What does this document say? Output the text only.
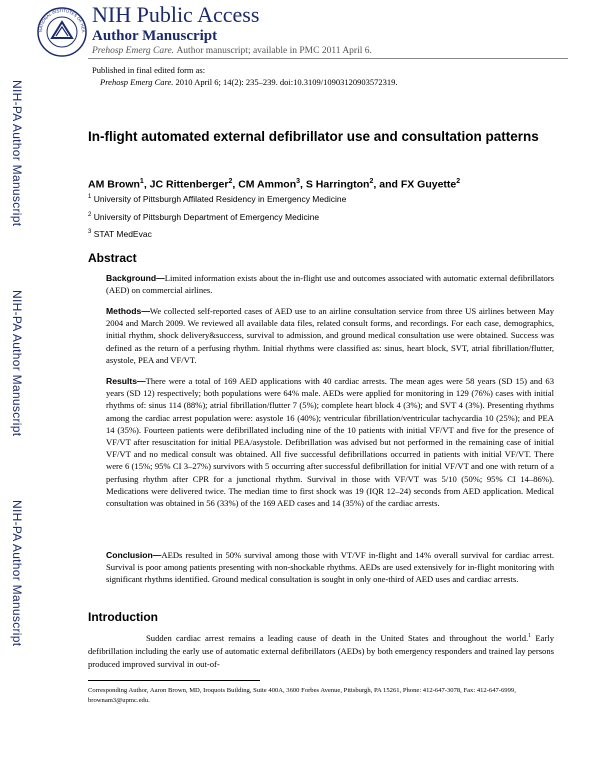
NATIONAL INSTITUTES OF HEA
NIH Public Access
Author Manuscript
Prehosp Emerg Care. Author manuscript; available in PMC 2011 April 6.
Published in final edited form as:
Prehosp Emerg Care. 2010 April 6; 14(2): 235–239. doi:10.3109/10903120903572319.
NIH-PA Author Manuscript
NIH-PA Author Manuscript
NIH-PA Author Manuscript
In-flight automated external defibrillator use and consultation patterns
AM Brown$^1$, JC Rittenberger$^2$, CM Ammon$^3$, S Harrington$^2$, and FX Guyette$^2$
$^1$ University of Pittsburgh Affilated Residency in Emergency Medicine
$^2$ University of Pittsburgh Department of Emergency Medicine
$^3$ STAT MedEvac
Abstract
Background—Limited information exists about the in-flight use and outcomes associated with automatic external defibrillators (AED) on commercial airlines.
Methods—We collected self-reported cases of AED use to an airline consultation service from three US airlines between May 2004 and March 2009. We reviewed all available data files, related consult forms, and recordings. For each case, demographics, initial rhythm, shock delivery&success, survival to admission, and ground medical consultation use were obtained. Success was defined as the return of a perfusing rhythm. Initial rhythms were classified as: sinus, heart block, SVT, atrial fibrillation/flutter, asystole, PEA and VF/VT.
Results—There were a total of 169 AED applications with 40 cardiac arrests. The mean ages were 58 years (SD 15) and 63 years (SD 12) respectively; both populations were 64% male. AEDs were applied for monitoring in 129 (76%) cases with initial rhythms of: sinus 114 (88%); atrial fibrillation/flutter 7 (5%); complete heart block 4 (3%); and SVT 4 (3%). Presenting rhythms among the cardiac arrest population were: asystole 16 (40%); ventricular fibrillation/ventricular tachycardia 10 (25%); and PEA 14 (35%). Fourteen patients were defibrillated including nine of the 10 patients with initial VF/VT and five for the presence of VF/VT after resuscitation for initial PEA/asystole. Defibrillation was advised but not performed in the remaining case of initial VF/VT and no medical consult was obtained. All five successful defibrillations occurred in patients with initial VF/VT. There were 6 (15%; 95% CI 3–27%) survivors with 5 occurring after successful defibrillation for initial VF/VT and one with return of a perfusing rhythm after CPR for a junctional rhythm. Survival in those with VF/VT was 5/10 (50%; 95% CI 14–86%). Medications were delivered twice. The median time to first shock was 19 (IQR 12–24) seconds from AED application. Medical consultation was obtained in 56 (33%) of the 169 AED cases and 14 (35%) of the cardiac arrests.
Conclusion—AEDs resulted in 50% survival among those with VT/VF in-flight and 14% overall survival for cardiac arrest. Survival is poor among patients presenting with non-shockable rhythms. AEDs are used extensively for in-flight monitoring with significant rhythms identified. Ground medical consultation is sought in only one-third of AED uses and cardiac arrests.
Introduction
Sudden cardiac arrest remains a leading cause of death in the United States and throughout the world.$^1$ Early defibrillation including the early use of automatic external defibrillators (AEDs) by both emergency responders and trained lay persons produced improved survival in out-of-
Corresponding Author, Aaron Brown, MD, Iroquois Building, Suite 400A, 3600 Forbes Avenue, Pittsburgh, PA 15261, Phone: 412-647-3078, Fax: 412-647-6999, brownam3@upmc.edu.
